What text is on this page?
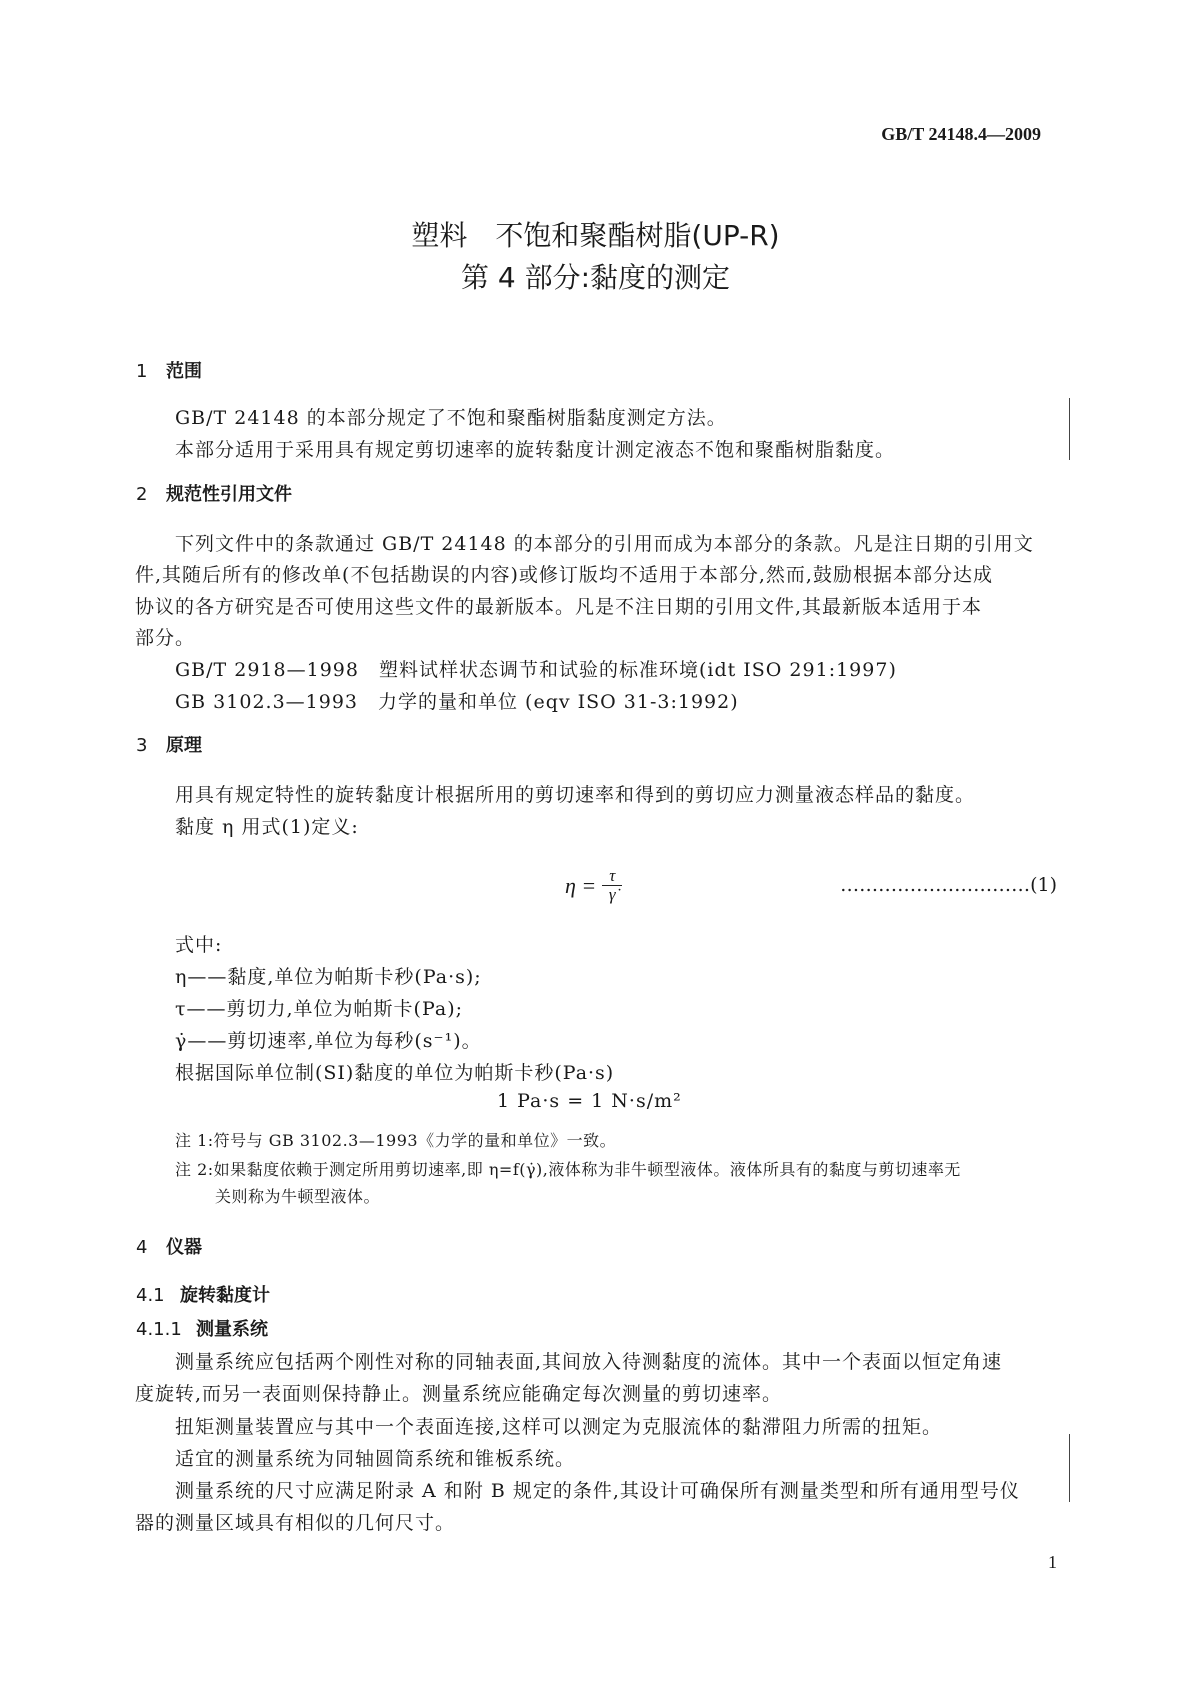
GB/T 24148.4—2009
塑料　不饱和聚酯树脂(UP-R)
第 4 部分:黏度的测定
1 范围
GB/T 24148 的本部分规定了不饱和聚酯树脂黏度测定方法。
本部分适用于采用具有规定剪切速率的旋转黏度计测定液态不饱和聚酯树脂黏度。
2 规范性引用文件
下列文件中的条款通过 GB/T 24148 的本部分的引用而成为本部分的条款。凡是注日期的引用文
件,其随后所有的修改单(不包括勘误的内容)或修订版均不适用于本部分,然而,鼓励根据本部分达成
协议的各方研究是否可使用这些文件的最新版本。凡是不注日期的引用文件,其最新版本适用于本
部分。
GB/T 2918—1998　塑料试样状态调节和试验的标准环境(idt ISO 291:1997)
GB 3102.3—1993　力学的量和单位 (eqv ISO 31-3:1992)
3 原理
用具有规定特性的旋转黏度计根据所用的剪切速率和得到的剪切应力测量液态样品的黏度。
黏度 η 用式(1)定义:
$\eta = \frac{\tau}{\gammȧ}$	…………………………(1)
式中:
η——黏度,单位为帕斯卡秒(Pa·s);
τ——剪切力,单位为帕斯卡(Pa);
γ̇——剪切速率,单位为每秒(s⁻¹)。
根据国际单位制(SI)黏度的单位为帕斯卡秒(Pa·s)
1 Pa·s = 1 N·s/m²
注 1:符号与 GB 3102.3—1993《力学的量和单位》一致。
注 2:如果黏度依赖于测定所用剪切速率,即 η=f(γ̇),液体称为非牛顿型液体。液体所具有的黏度与剪切速率无
关则称为牛顿型液体。
4 仪器
4.1 旋转黏度计
4.1.1 测量系统
测量系统应包括两个刚性对称的同轴表面,其间放入待测黏度的流体。其中一个表面以恒定角速
度旋转,而另一表面则保持静止。测量系统应能确定每次测量的剪切速率。
扭矩测量装置应与其中一个表面连接,这样可以测定为克服流体的黏滞阻力所需的扭矩。
适宜的测量系统为同轴圆筒系统和锥板系统。
测量系统的尺寸应满足附录 A 和附 B 规定的条件,其设计可确保所有测量类型和所有通用型号仪
器的测量区域具有相似的几何尺寸。
1
